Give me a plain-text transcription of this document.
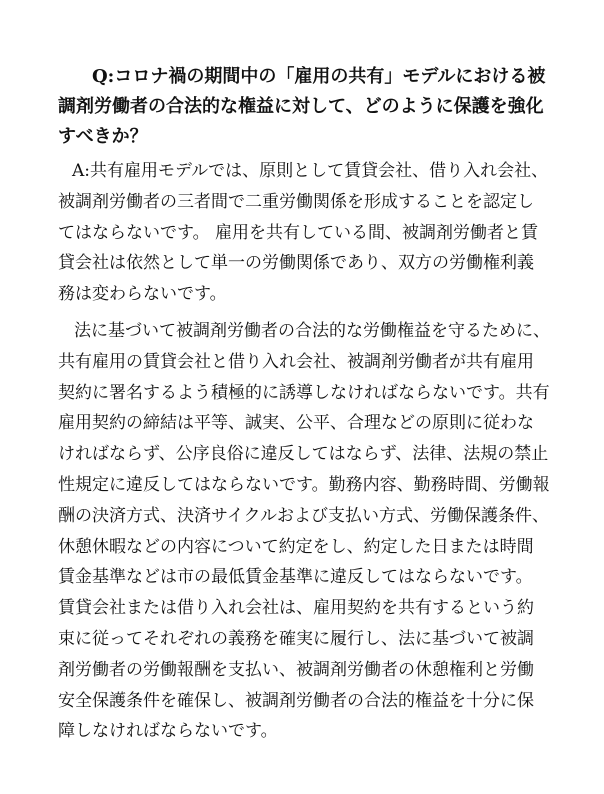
Q:コロナ禍の期間中の「雇用の共有」モデルにおける被調剤労働者の合法的な権益に対して、どのように保護を強化すべきか？

A:共有雇用モデルでは、原則として賃貸会社、借り入れ会社、被調剤労働者の三者間で二重労働関係を形成することを認定してはならないです。 雇用を共有している間、被調剤労働者と賃貸会社は依然として単一の労働関係であり、双方の労働権利義務は変わらないです。

法に基づいて被調剤労働者の合法的な労働権益を守るために、共有雇用の賃貸会社と借り入れ会社、被調剤労働者が共有雇用契約に署名するよう積極的に誘導しなければならないです。共有雇用契約の締結は平等、誠実、公平、合理などの原則に従わなければならず、公序良俗に違反してはならず、法律、法規の禁止性規定に違反してはならないです。勤務内容、勤務時間、労働報酬の決済方式、決済サイクルおよび支払い方式、労働保護条件、休憩休暇などの内容について約定をし、約定した日または時間賃金基準などは市の最低賃金基準に違反してはならないです。 賃貸会社または借り入れ会社は、雇用契約を共有するという約束に従ってそれぞれの義務を確実に履行し、法に基づいて被調剤労働者の労働報酬を支払い、被調剤労働者の休憩権利と労働安全保護条件を確保し、被調剤労働者の合法的権益を十分に保障しなければならないです。
